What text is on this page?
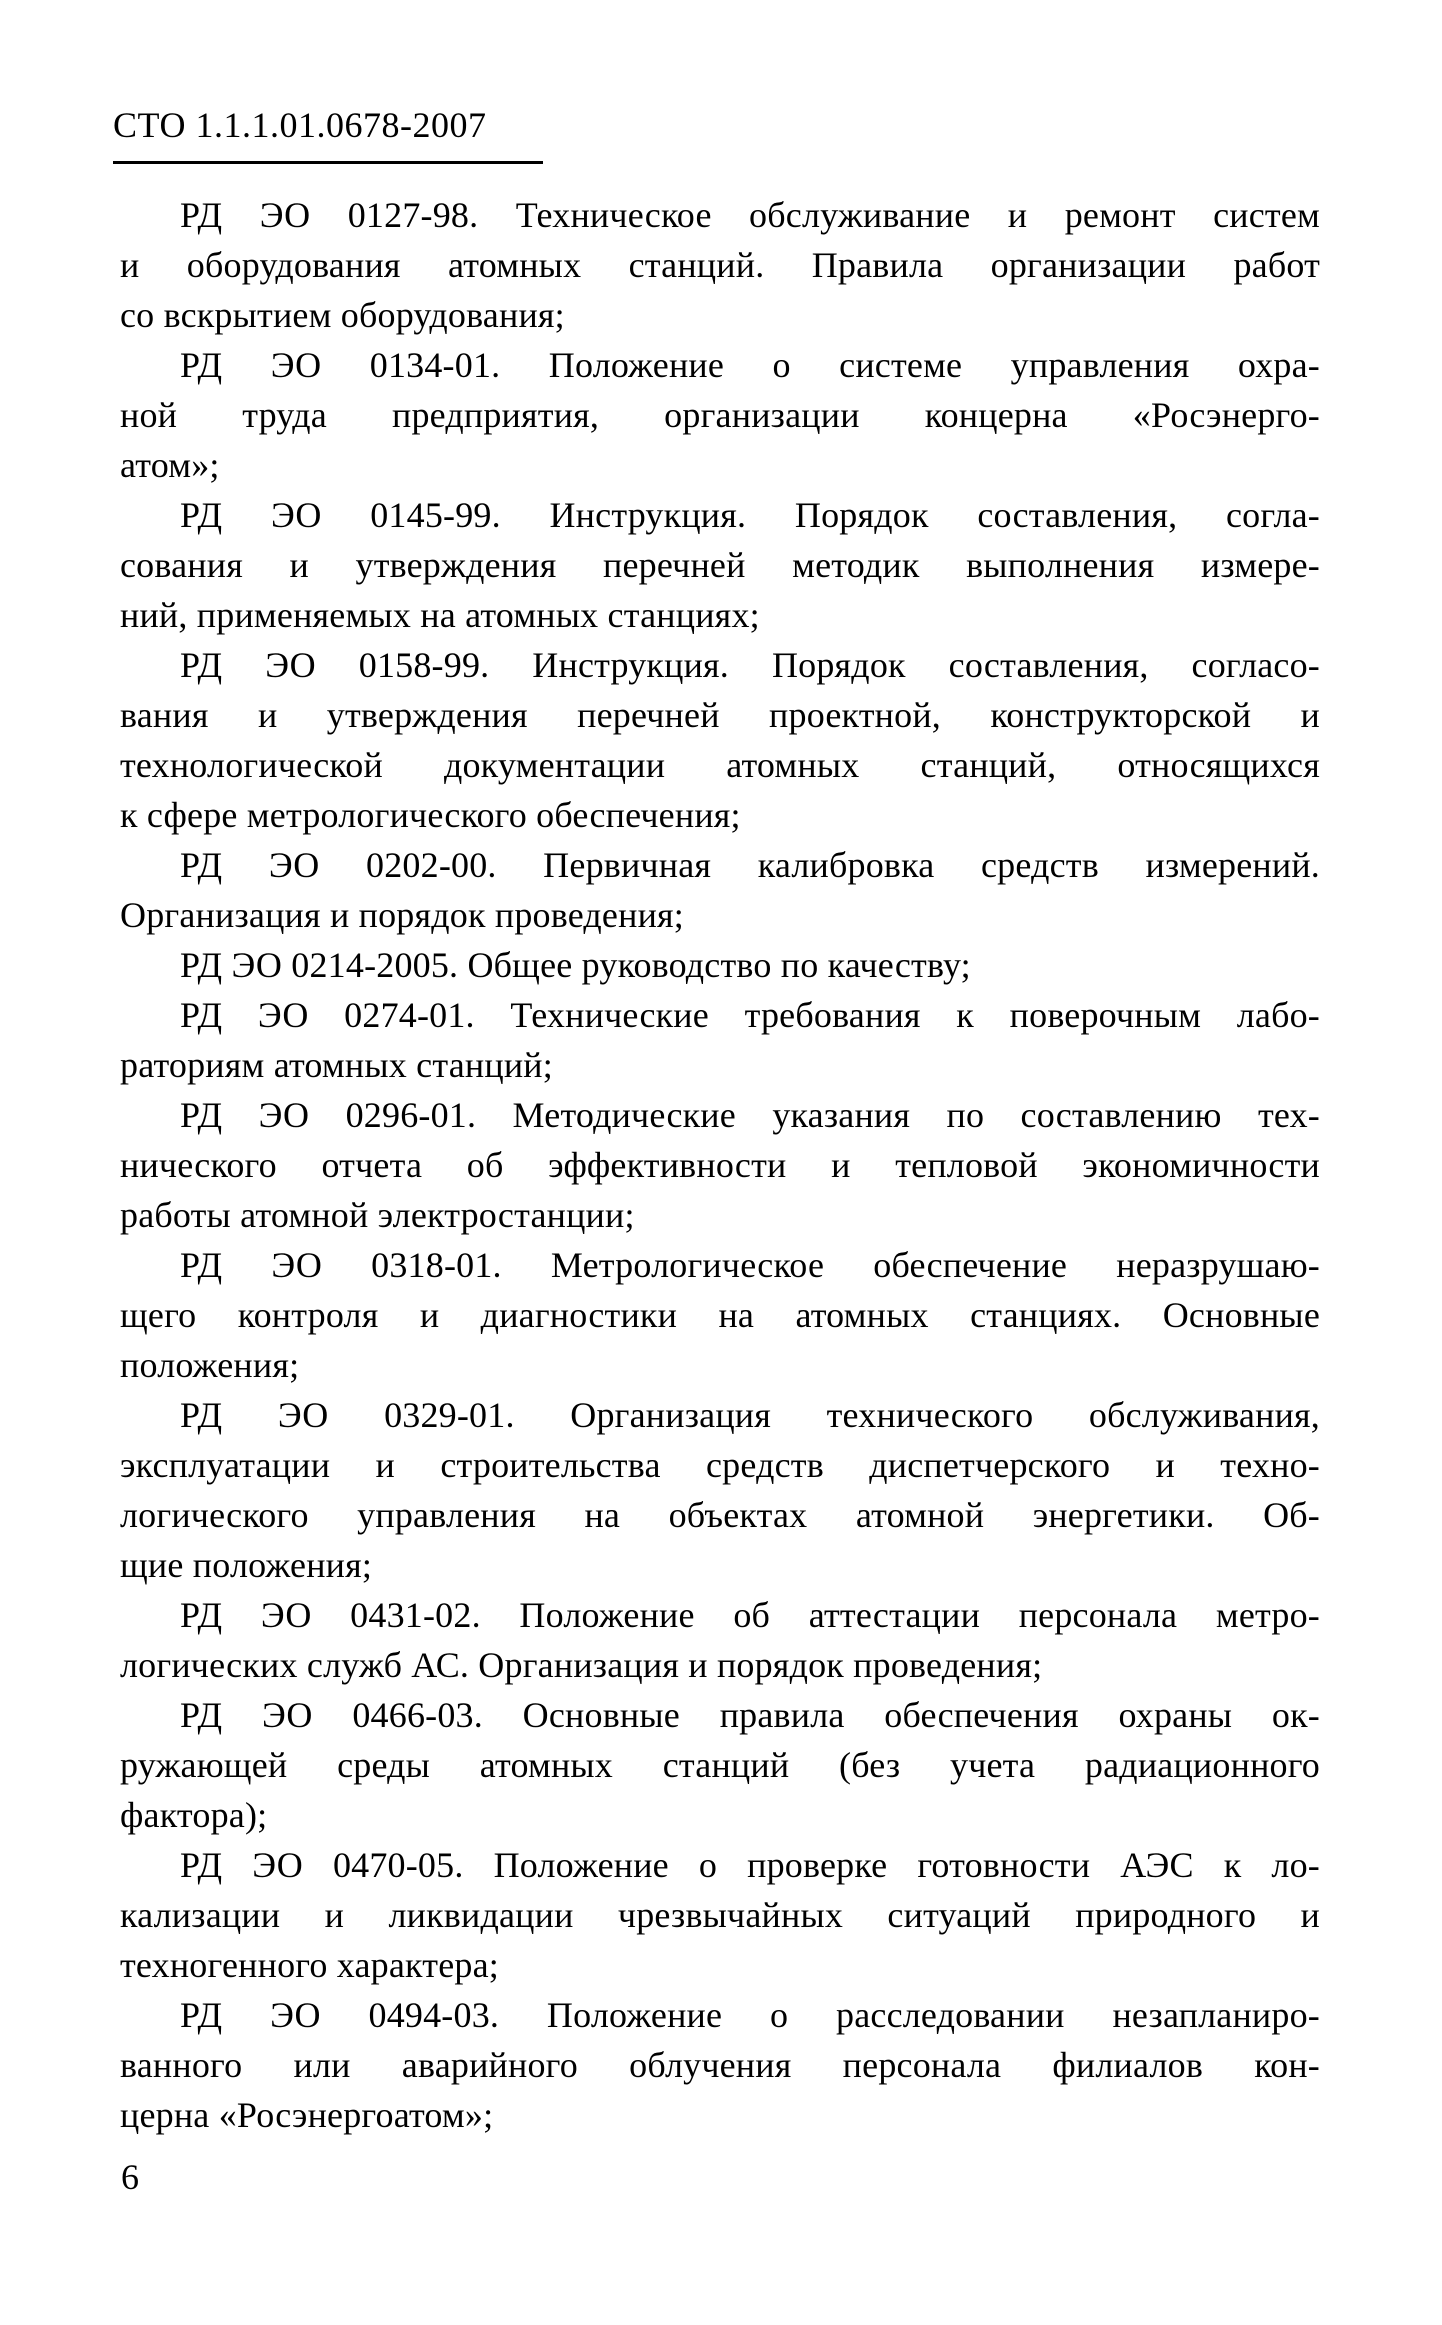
СТО 1.1.1.01.0678-2007
РД ЭО 0127-98. Техническое обслуживание и ремонт систем
и оборудования атомных станций. Правила организации работ
со вскрытием оборудования;
РД ЭО 0134-01. Положение о системе управления охра-
ной труда предприятия, организации концерна «Росэнерго-
атом»;
РД ЭО 0145-99. Инструкция. Порядок составления, согла-
сования и утверждения перечней методик выполнения измере-
ний, применяемых на атомных станциях;
РД ЭО 0158-99. Инструкция. Порядок составления, согласо-
вания и утверждения перечней проектной, конструкторской и
технологической документации атомных станций, относящихся
к сфере метрологического обеспечения;
РД ЭО 0202-00. Первичная калибровка средств измерений.
Организация и порядок проведения;
РД ЭО 0214-2005. Общее руководство по качеству;
РД ЭО 0274-01. Технические требования к поверочным лабо-
раториям атомных станций;
РД ЭО 0296-01. Методические указания по составлению тех-
нического отчета об эффективности и тепловой экономичности
работы атомной электростанции;
РД ЭО 0318-01. Метрологическое обеспечение неразрушаю-
щего контроля и диагностики на атомных станциях. Основные
положения;
РД ЭО 0329-01. Организация технического обслуживания,
эксплуатации и строительства средств диспетчерского и техно-
логического управления на объектах атомной энергетики. Об-
щие положения;
РД ЭО 0431-02. Положение об аттестации персонала метро-
логических служб АС. Организация и порядок проведения;
РД ЭО 0466-03. Основные правила обеспечения охраны ок-
ружающей среды атомных станций (без учета радиационного
фактора);
РД ЭО 0470-05. Положение о проверке готовности АЭС к ло-
кализации и ликвидации чрезвычайных ситуаций природного и
техногенного характера;
РД ЭО 0494-03. Положение о расследовании незапланиро-
ванного или аварийного облучения персонала филиалов кон-
церна «Росэнергоатом»;
6
